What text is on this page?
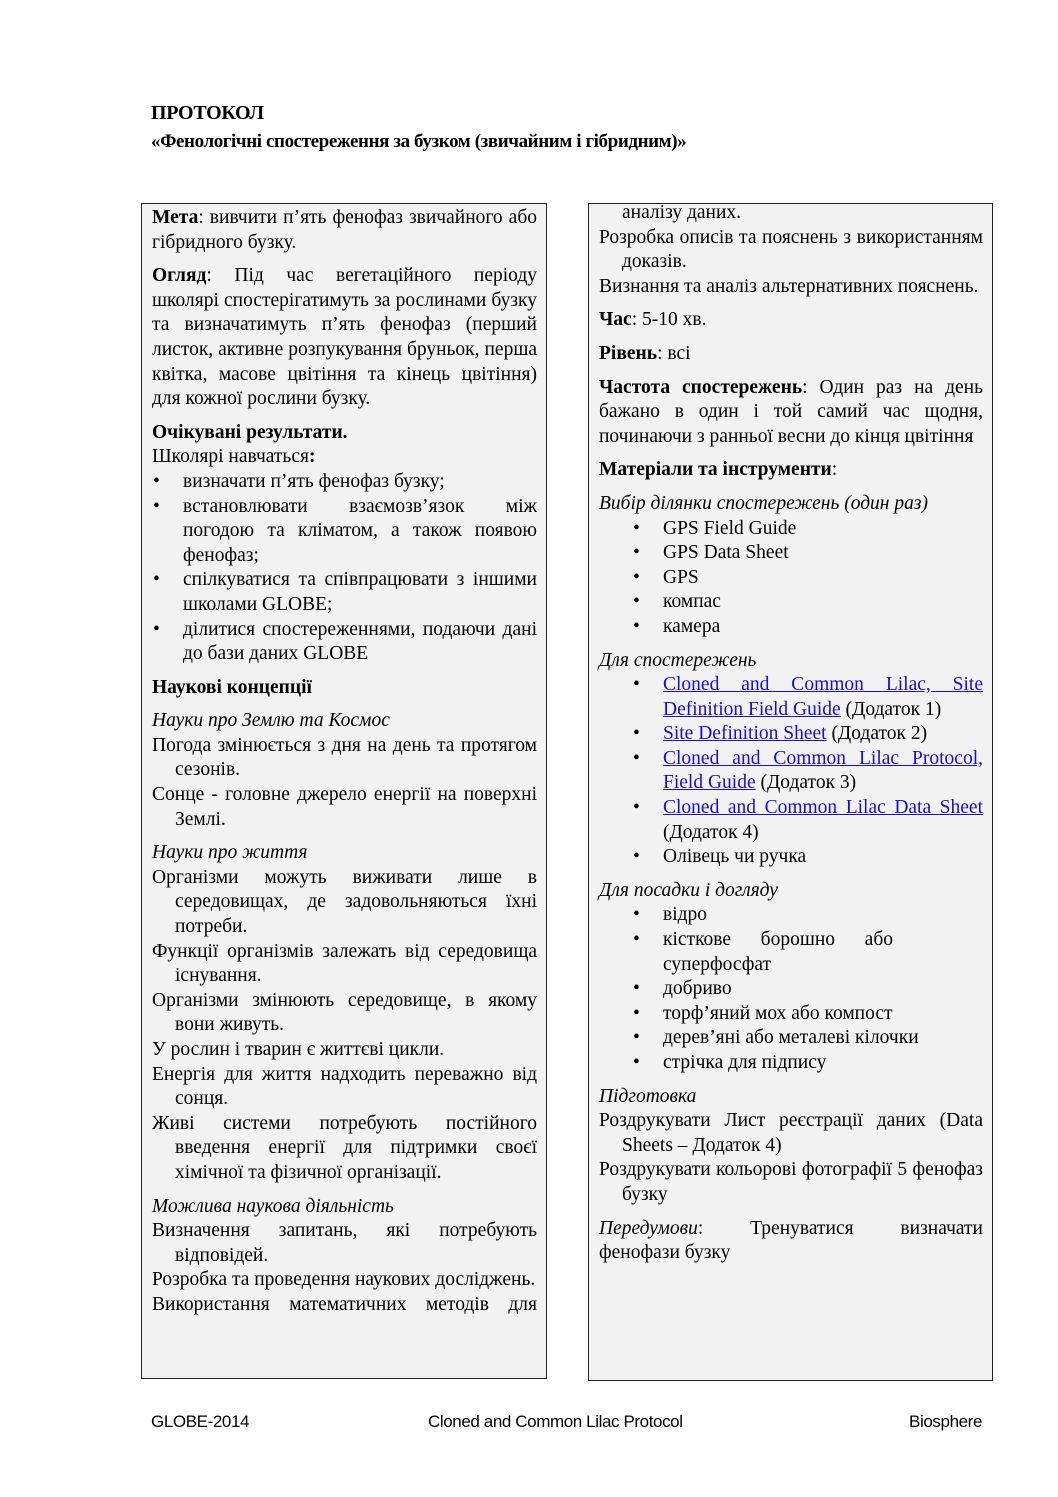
ПРОТОКОЛ
«Фенологічні спостереження за бузком (звичайним і гібридним)»

Мета: вивчити п’ять фенофаз звичайного або гібридного бузку.

Огляд: Під час вегетаційного періоду школярі спостерігатимуть за рослинами бузку та визначатимуть п’ять фенофаз (перший листок, активне розпукування бруньок, перша квітка, масове цвітіння та кінець цвітіння) для кожної рослини бузку.

Очікувані результати.

Школярі навчаться:

• визначати п’ять фенофаз бузку;
• встановлювати взаємозв’язок між погодою та кліматом, а також появою фенофаз;
• спілкуватися та співпрацювати з іншими школами GLOBE;
• ділитися спостереженнями, подаючи дані до бази даних GLOBE

Наукові концепції

Науки про Землю та Космос

Погода змінюється з дня на день та протягом сезонів.

Сонце - головне джерело енергії на поверхні Землі.

Науки про життя

Організми можуть виживати лише в середовищах, де задовольняються їхні потреби.

Функції організмів залежать від середовища існування.

Організми змінюють середовище, в якому вони живуть.

У рослин і тварин є життєві цикли.

Енергія для життя надходить переважно від сонця.

Живі системи потребують постійного введення енергії для підтримки своєї хімічної та фізичної організації.

Можлива наукова діяльність

Визначення запитань, які потребують відповідей.

Розробка та проведення наукових досліджень.

Використання математичних методів для

аналізу даних.

Розробка описів та пояснень з використанням доказів.

Визнання та аналіз альтернативних пояснень.

Час: 5-10 хв.

Рівень: всі

Частота спостережень: Один раз на день бажано в один і той самий час щодня, починаючи з ранньої весни до кінця цвітіння

Матеріали та інструменти:

Вибір ділянки спостережень (один раз)

• GPS Field Guide
• GPS Data Sheet
• GPS
• компас
• камера

Для спостережень

• Cloned and Common Lilac, Site Definition Field Guide (Додаток 1)
• Site Definition Sheet (Додаток 2)
• Cloned and Common Lilac Protocol, Field Guide (Додаток 3)
• Cloned and Common Lilac Data Sheet (Додаток 4)
• Олівець чи ручка

Для посадки і догляду

• відро
• кісткове борошно або суперфосфат
• добриво
• торф’яний мох або компост
• дерев’яні або металеві кілочки
• стрічка для підпису

Підготовка

Роздрукувати Лист реєстрації даних (Data Sheets – Додаток 4)

Роздрукувати кольорові фотографії 5 фенофаз бузку

Передумови: Тренуватися визначати фенофази бузку

GLOBE-2014	Cloned and Common Lilac Protocol	Biosphere
